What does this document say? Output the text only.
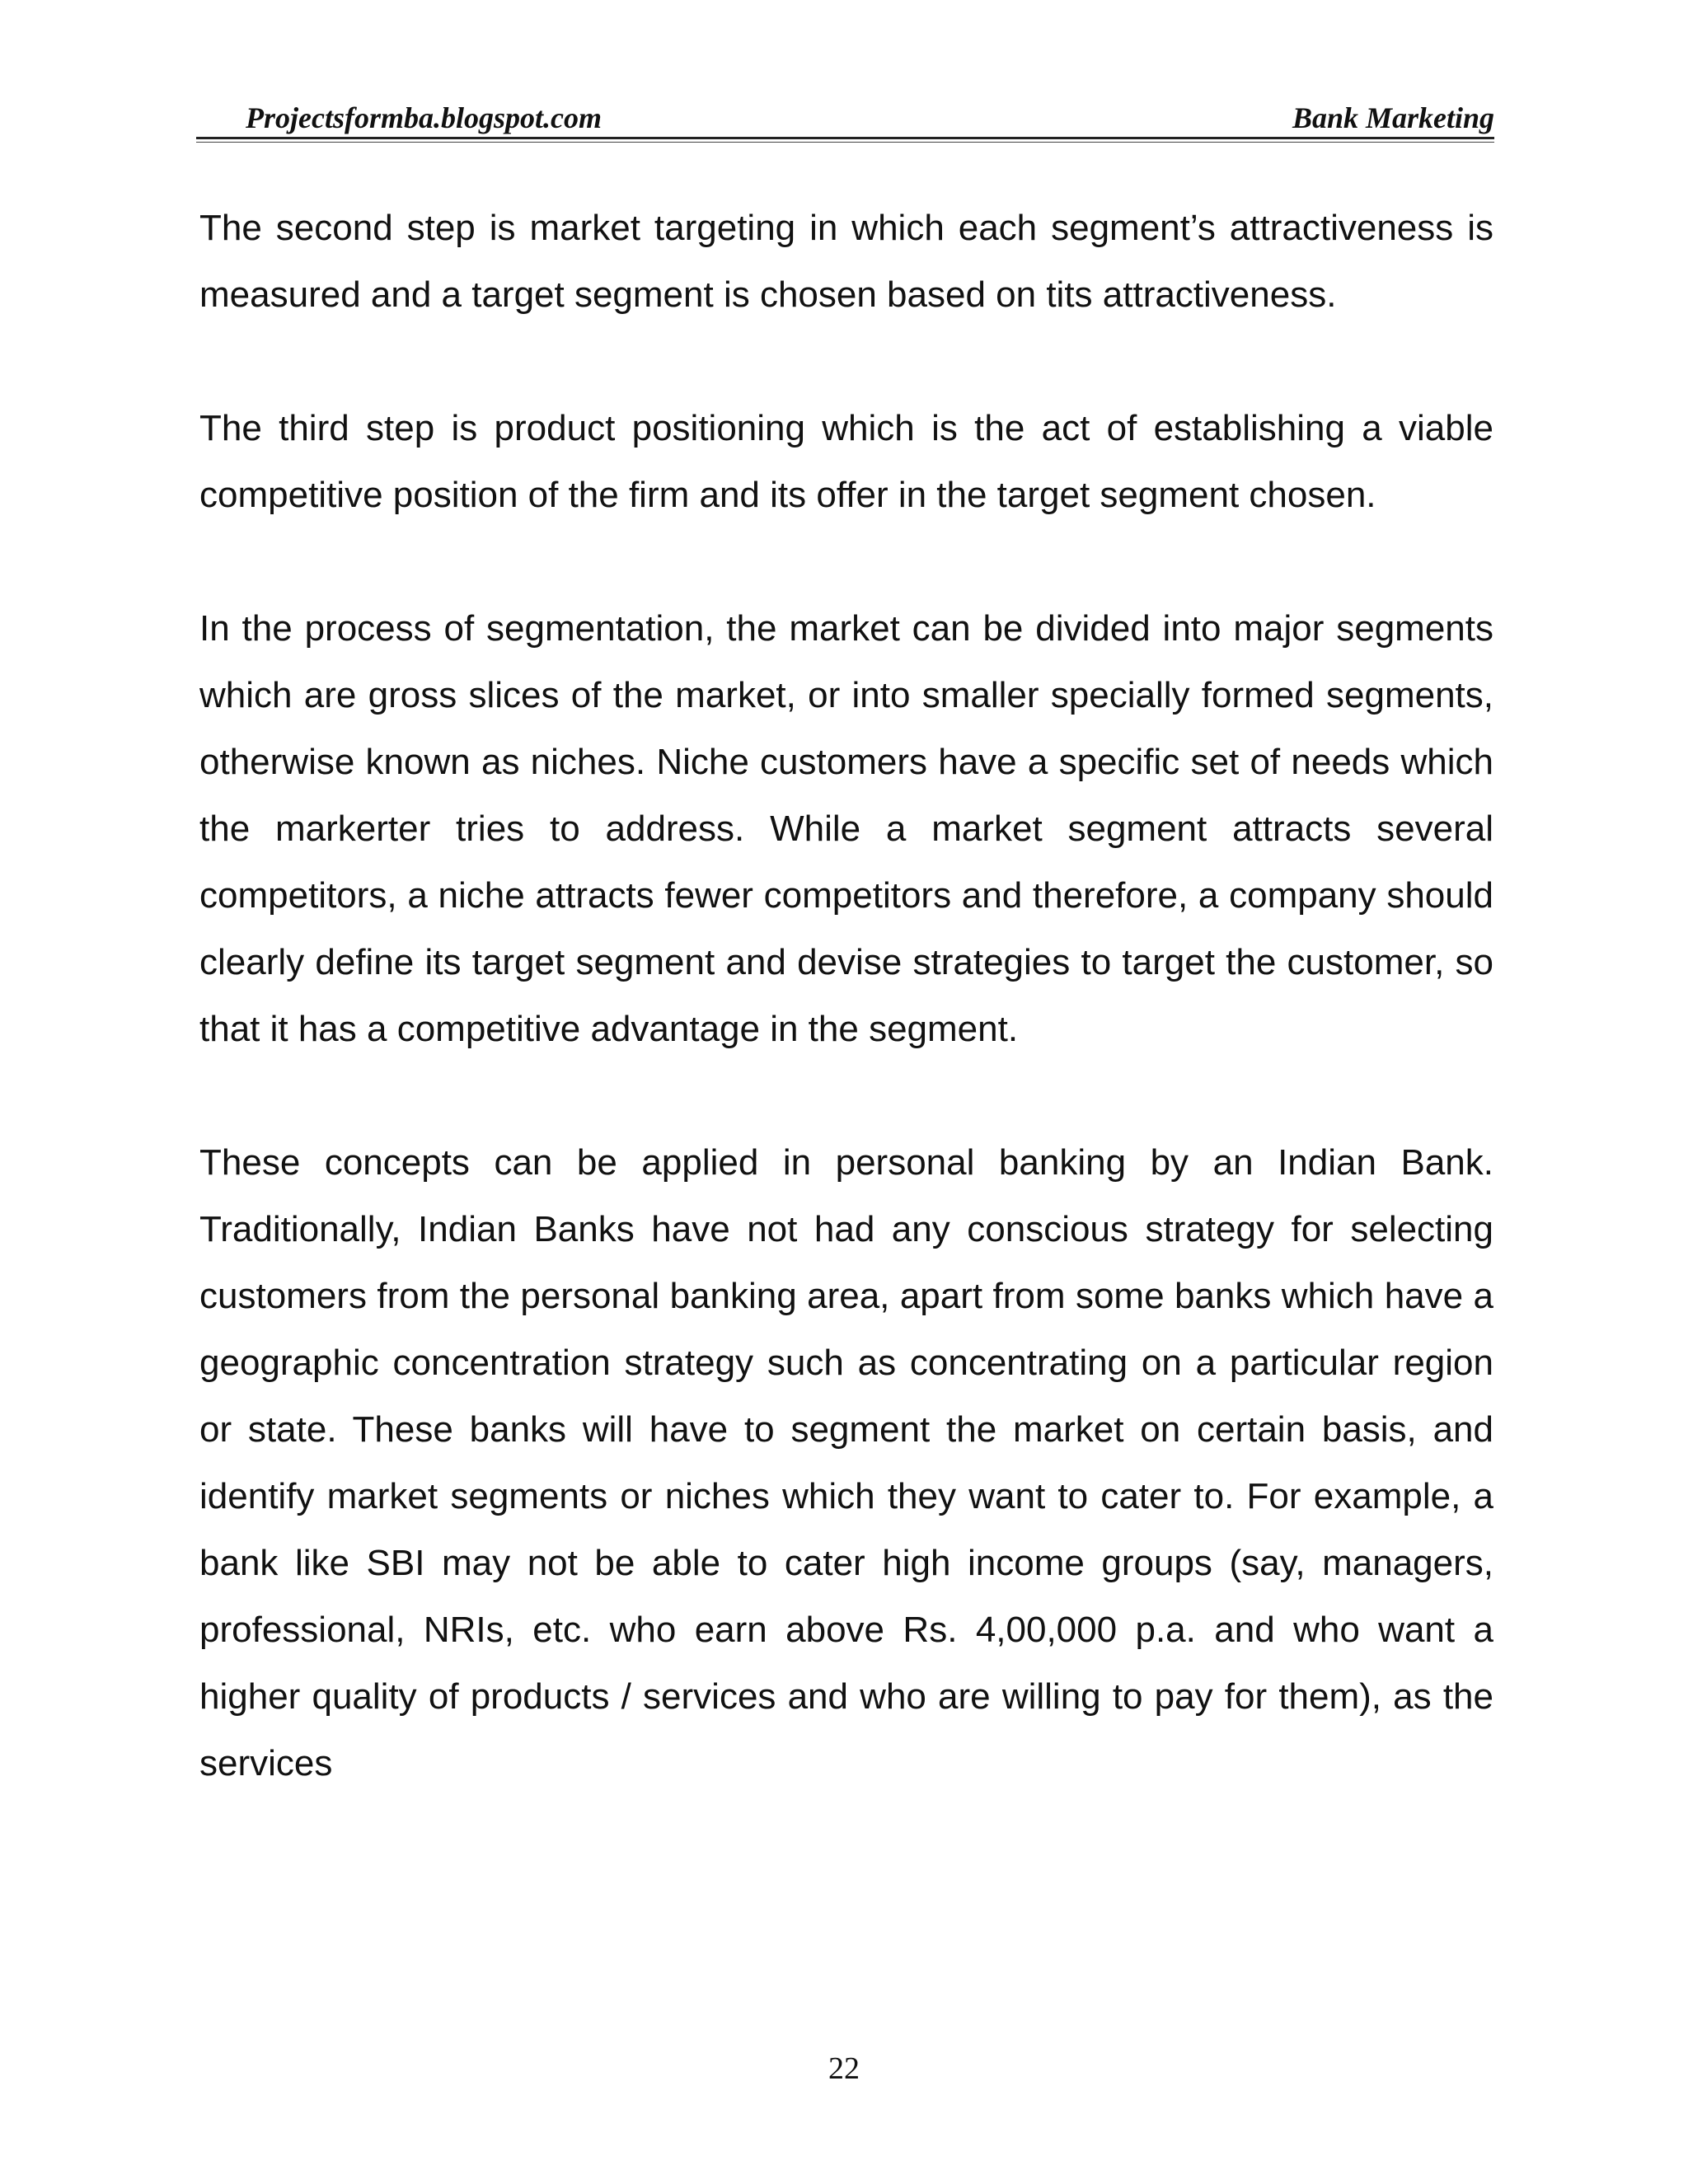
Projectsformba.blogspot.com	Bank Marketing

The second step is market targeting in which each segment’s attractiveness is measured and a target segment is chosen based on tits attractiveness.

The third step is product positioning which is the act of establishing a viable competitive position of the firm and its offer in the target segment chosen.

In the process of segmentation, the market can be divided into major segments which are gross slices of the market, or into smaller specially formed segments, otherwise known as niches. Niche customers have a specific set of needs which the markerter tries to address. While a market segment attracts several competitors, a niche attracts fewer competitors and therefore, a company should clearly define its target segment and devise strategies to target the customer, so that it has a competitive advantage in the segment.

These concepts can be applied in personal banking by an Indian Bank. Traditionally, Indian Banks have not had any conscious strategy for selecting customers from the personal banking area, apart from some banks which have a geographic concentration strategy such as concentrating on a particular region or state. These banks will have to segment the market on certain basis, and identify market segments or niches which they want to cater to. For example, a bank like SBI may not be able to cater high income groups (say, managers, professional, NRIs, etc. who earn above Rs. 4,00,000 p.a. and who want a higher quality of products / services and who are willing to pay for them), as the services

22
